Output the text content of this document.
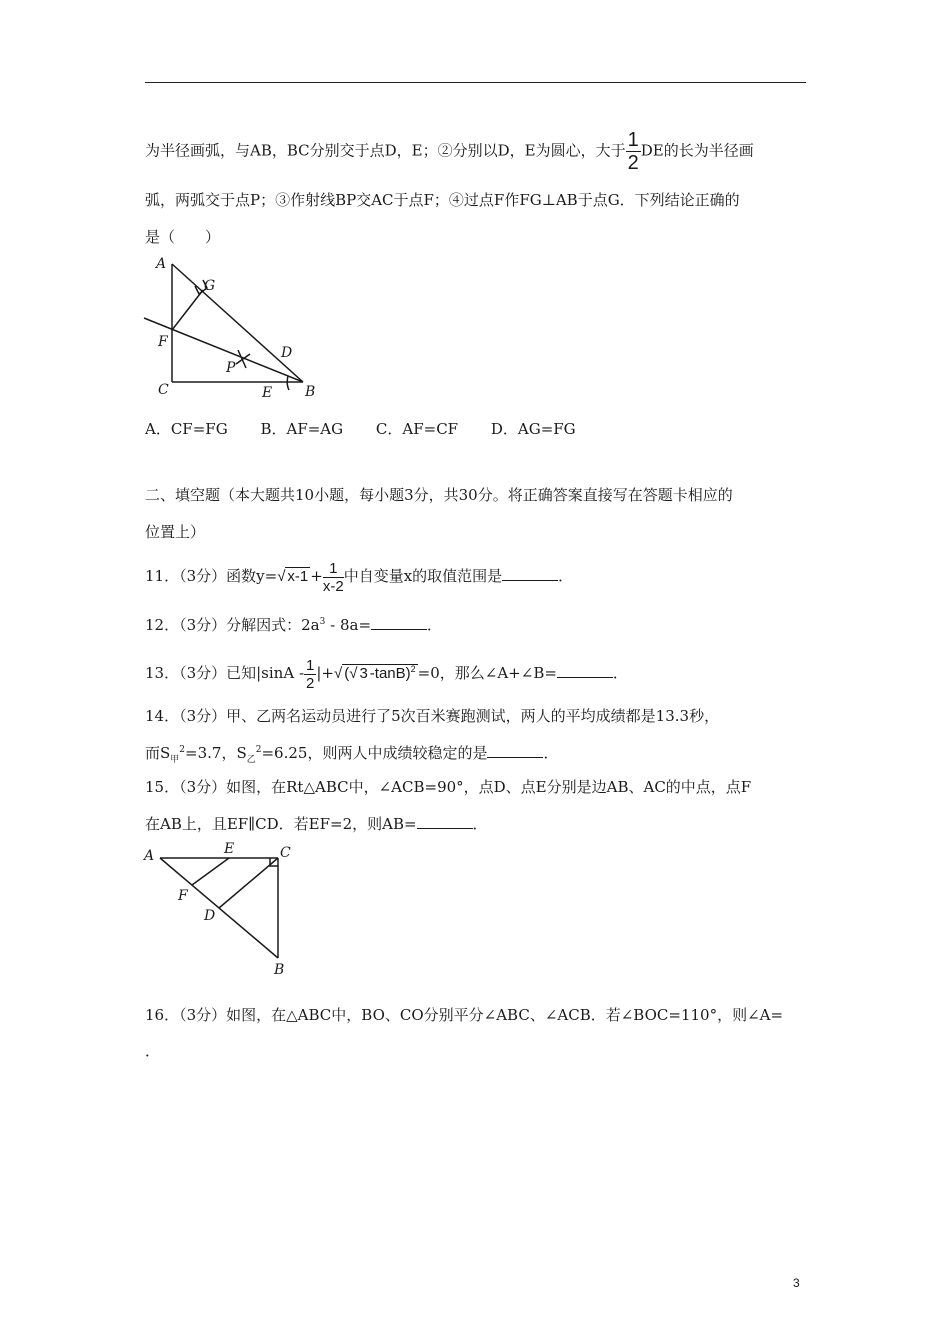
为半径画弧，与AB，BC分别交于点D，E；②分别以D，E为圆心，大于 $\frac{1}{2}$ DE的长为半径画
弧，两弧交于点P；③作射线BP交AC于点F；④过点F作FG⊥AB于点G．下列结论正确的
是（　　）
A
G
F
P
D
C	E B
A．CF=FG B．AF=AG C．AF=CF D．AG=FG
二、填空题（本大题共10小题，每小题3分，共30分。将正确答案直接写在答题卡相应的
位置上）
11．（3分）函数y=√ $x-1 + \frac{1}{x-2}$ 中自变量x的取值范围是	．
12．（3分）分解因式：$2a^3 - 8a=$	．
13．（3分）已知$|\sin A - \frac{1}{2}$ |+√ (√ 3 -tanB)$^2$ =0，那么∠A+∠B=	．
14．（3分）甲、乙两名运动员进行了5次百米赛跑测试，两人的平均成绩都是13.3秒，
而$S_甲^2=3.7$，$S_乙^2=6.25$，则两人中成绩较稳定的是	．
15．（3分）如图，在Rt△ABC中，∠ACB=90°，点D、点E分别是边AB、AC的中点，点F
在AB上，且EF∥CD．若EF=2，则AB=	．
A	E	C
F
D
B
16．（3分）如图，在△ABC中，BO、CO分别平分∠ABC、∠ACB．若∠BOC=110°，则∠A=
．
3
